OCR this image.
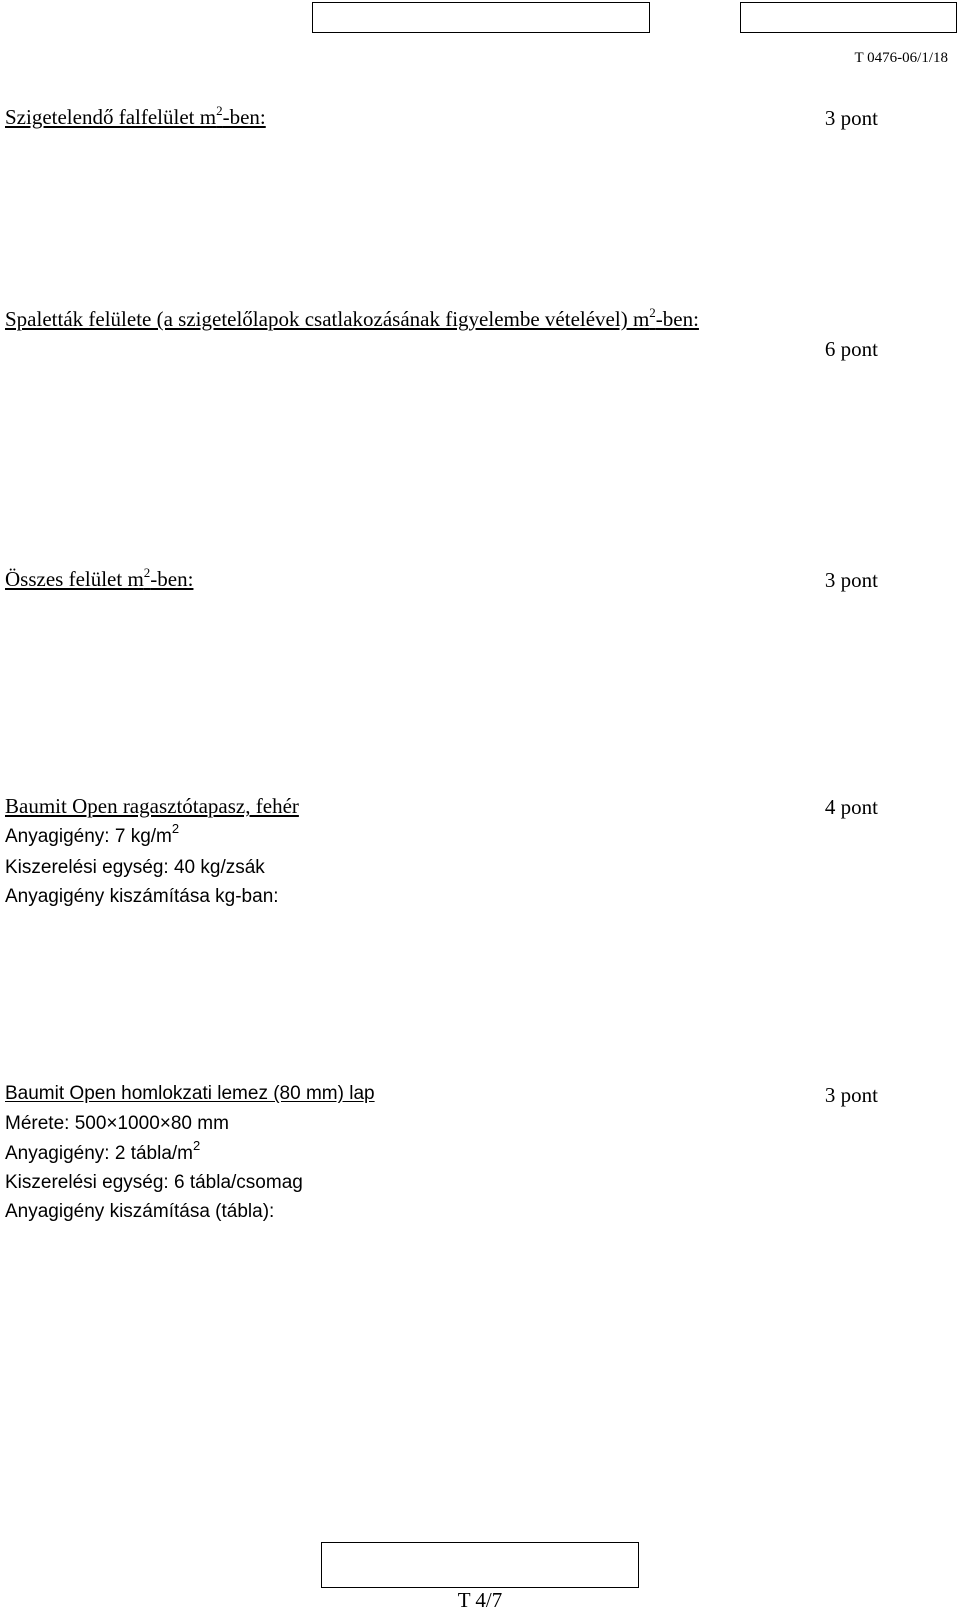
T 0476-06/1/18
Szigetelendő falfelület $m^2$-ben:	3 pont
Spaletták felülete (a szigetelőlapok csatlakozásának figyelembe vételével) $m^2$-ben:
6 pont
Összes felület $m^2$-ben:	3 pont
Baumit Open ragasztótapasz, fehér	4 pont
Anyagigény: 7 $kg/m^2$
Kiszerelési egység: 40 kg/zsák
Anyagigény kiszámítása kg-ban:
Baumit Open homlokzati lemez (80 mm) lap	3 pont
Mérete: 500×1000×80 mm
Anyagigény: 2 tábla/$m^2$
Kiszerelési egység: 6 tábla/csomag
Anyagigény kiszámítása (tábla):
T 4/7
